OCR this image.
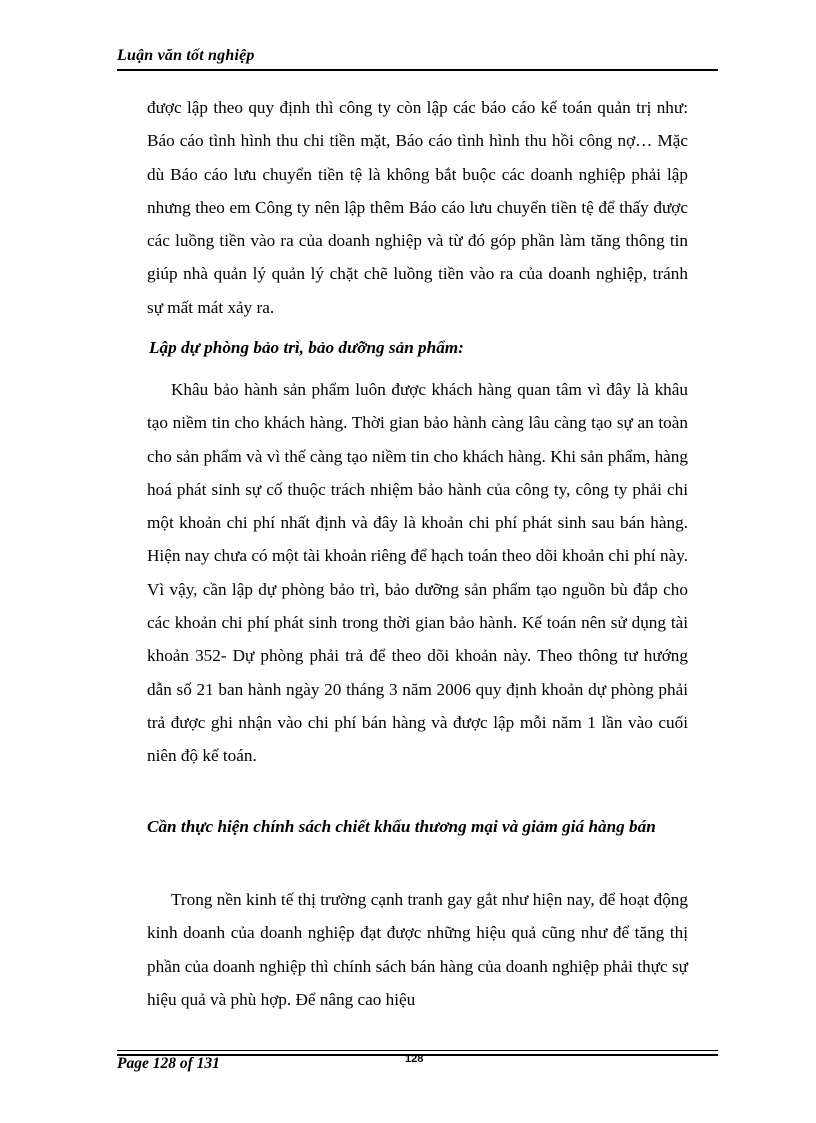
Luận văn tốt nghiệp

được lập theo quy định thì công ty còn lập các báo cáo kế toán quản trị như: Báo cáo tình hình thu chi tiền mặt, Báo cáo tình hình thu hồi công nợ… Mặc dù Báo cáo lưu chuyển tiền tệ là không bắt buộc các doanh nghiệp phải lập nhưng theo em Công ty nên lập thêm Báo cáo lưu chuyển tiền tệ để thấy được các luồng tiền vào ra của doanh nghiệp và từ đó góp phần làm tăng thông tin giúp nhà quản lý quản lý chặt chẽ luồng tiền vào ra của doanh nghiệp, tránh sự mất mát xảy ra.

Lập dự phòng bảo trì, bảo dưỡng sản phẩm:

Khâu bảo hành sản phẩm luôn được khách hàng quan tâm vì đây là khâu tạo niềm tin cho khách hàng. Thời gian bảo hành càng lâu càng tạo sự an toàn cho sản phẩm và vì thế càng tạo niềm tin cho khách hàng. Khi sản phẩm, hàng hoá phát sinh sự cố thuộc trách nhiệm bảo hành của công ty, công ty phải chi một khoản chi phí nhất định và đây là khoản chi phí phát sinh sau bán hàng. Hiện nay chưa có một tài khoản riêng để hạch toán theo dõi khoản chi phí này. Vì vậy, cần lập dự phòng bảo trì, bảo dưỡng sản phẩm tạo nguồn bù đắp cho các khoản chi phí phát sinh trong thời gian bảo hành. Kế toán nên sử dụng tài khoản 352- Dự phòng phải trả để theo dõi khoản này. Theo thông tư hướng dẫn số 21 ban hành ngày 20 tháng 3 năm 2006 quy định khoản dự phòng phải trả được ghi nhận vào chi phí bán hàng và được lập mỗi năm 1 lần vào cuối niên độ kế toán.

Cần thực hiện chính sách chiết khấu thương mại và giảm giá hàng bán

Trong nền kinh tế thị trường cạnh tranh gay gắt như hiện nay, để hoạt động kinh doanh của doanh nghiệp đạt được những hiệu quả cũng như để tăng thị phần của doanh nghiệp thì chính sách bán hàng của doanh nghiệp phải thực sự hiệu quả và phù hợp. Để nâng cao hiệu

Page 128 of 131	128
